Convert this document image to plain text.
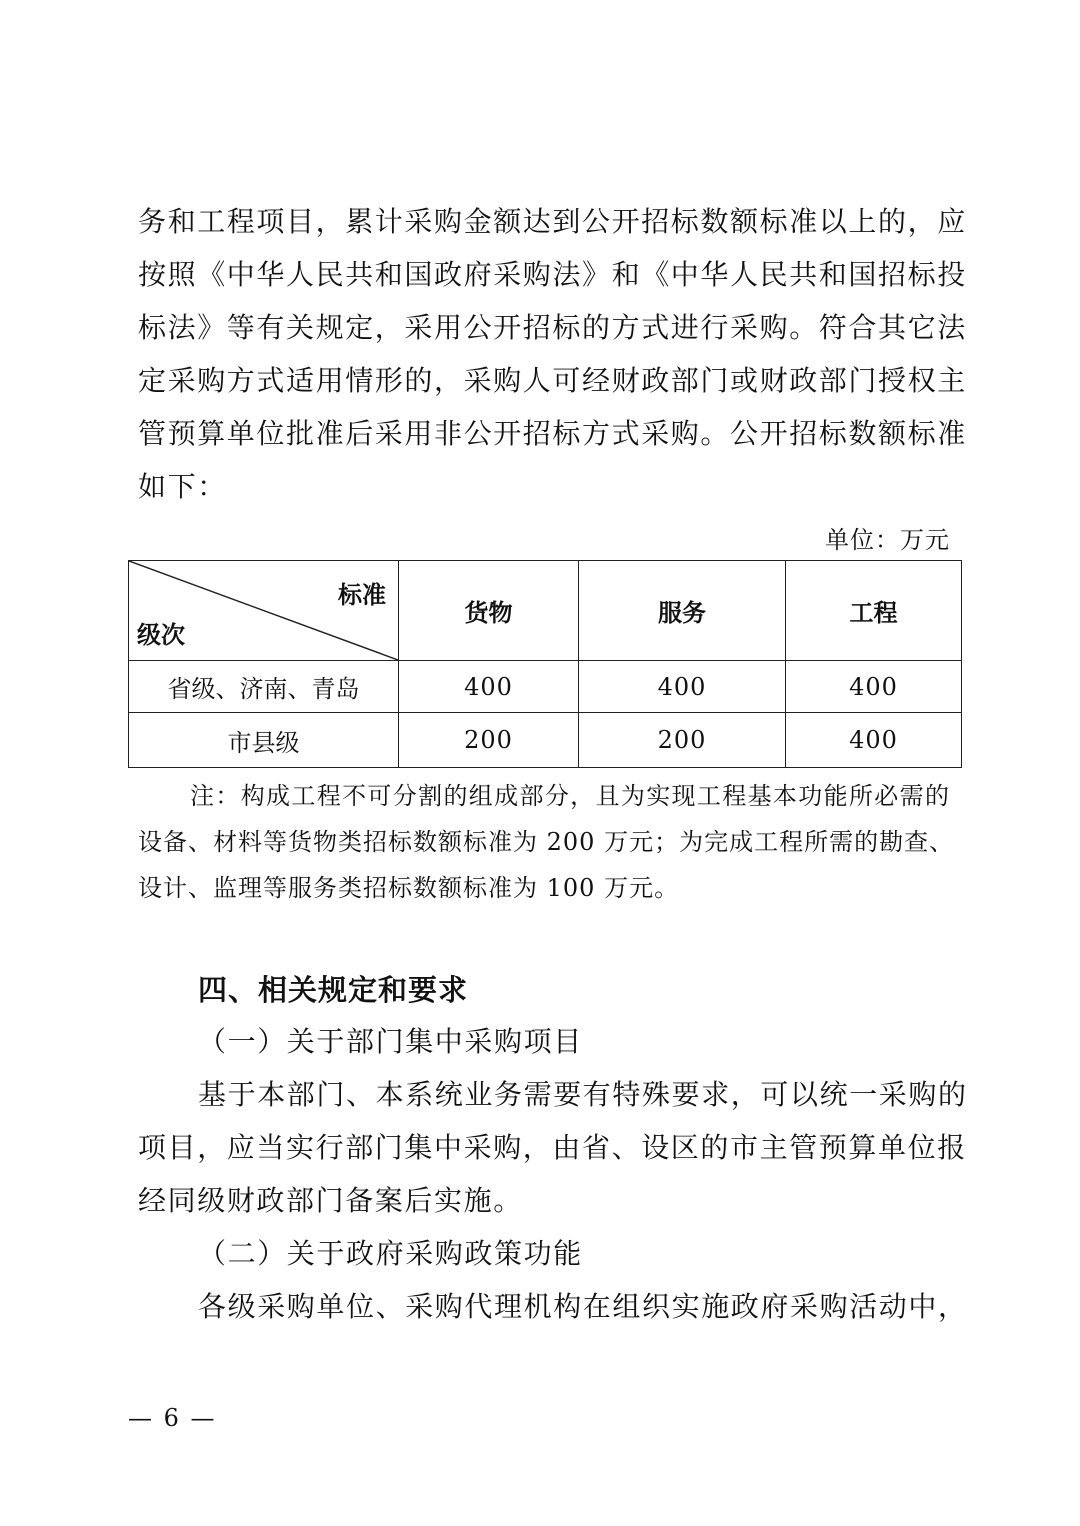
务和工程项目，累计采购金额达到公开招标数额标准以上的，应
按照《中华人民共和国政府采购法》和《中华人民共和国招标投
标法》等有关规定，采用公开招标的方式进行采购。符合其它法
定采购方式适用情形的，采购人可经财政部门或财政部门授权主
管预算单位批准后采用非公开招标方式采购。公开招标数额标准
如下：
单位：万元
标准
级次	货物	服务	工程
省级、济南、青岛	400	400	400
市县级	200	200	400
注：构成工程不可分割的组成部分，且为实现工程基本功能所必需的
设备、材料等货物类招标数额标准为 200 万元；为完成工程所需的勘查、
设计、监理等服务类招标数额标准为 100 万元。
四、相关规定和要求
（一）关于部门集中采购项目
基于本部门、本系统业务需要有特殊要求，可以统一采购的
项目，应当实行部门集中采购，由省、设区的市主管预算单位报
经同级财政部门备案后实施。
（二）关于政府采购政策功能
各级采购单位、采购代理机构在组织实施政府采购活动中，
— 6 —
